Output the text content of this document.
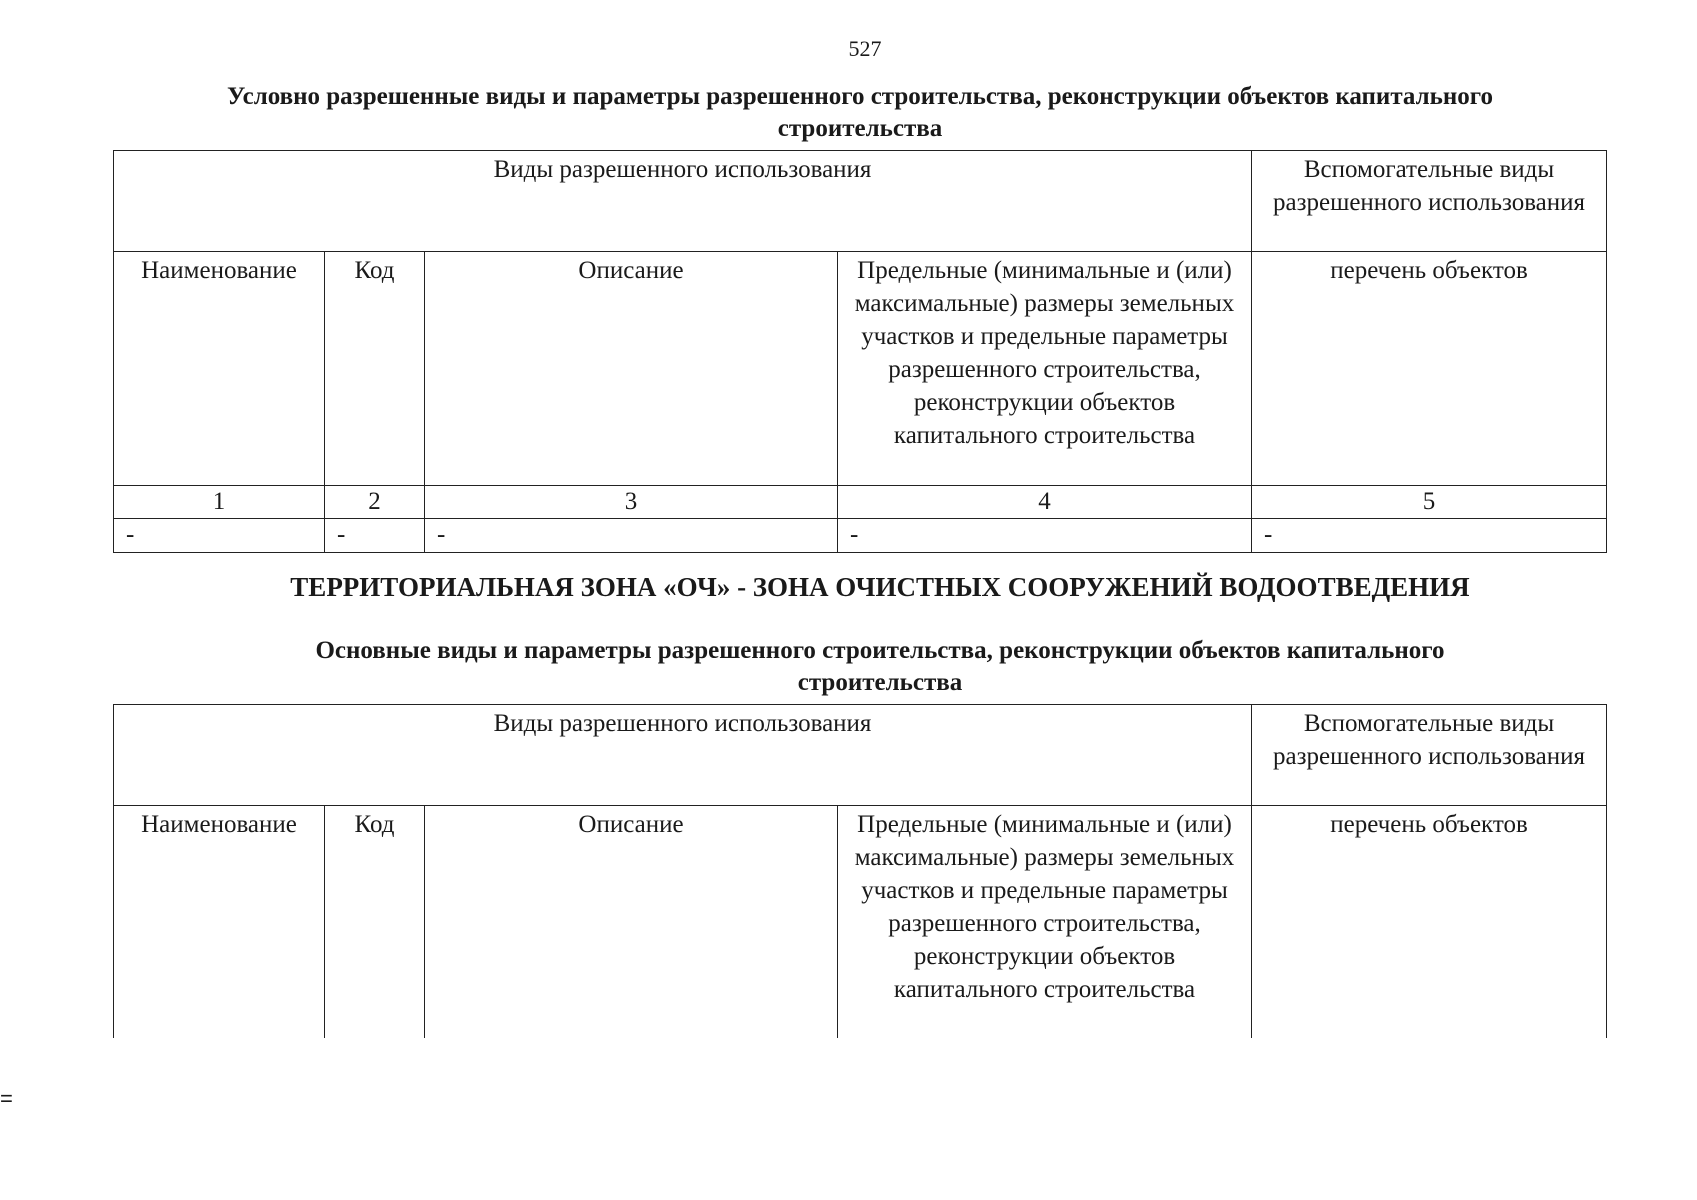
527
Условно разрешенные виды и параметры разрешенного строительства, реконструкции объектов капитального
строительства
Виды разрешенного использования				Вспомогательные виды разрешенного использования
Наименование	Код	Описание	Предельные (минимальные и (или) максимальные) размеры земельных участков и предельные параметры разрешенного строительства, реконструкции объектов капитального строительства	перечень объектов
1	2	3	4	5
-	-	-	-	-
ТЕРРИТОРИАЛЬНАЯ ЗОНА «ОЧ» - ЗОНА ОЧИСТНЫХ СООРУЖЕНИЙ ВОДООТВЕДЕНИЯ
Основные виды и параметры разрешенного строительства, реконструкции объектов капитального
строительства
Виды разрешенного использования				Вспомогательные виды разрешенного использования
Наименование	Код	Описание	Предельные (минимальные и (или) максимальные) размеры земельных участков и предельные параметры разрешенного строительства, реконструкции объектов капитального строительства	перечень объектов
=
